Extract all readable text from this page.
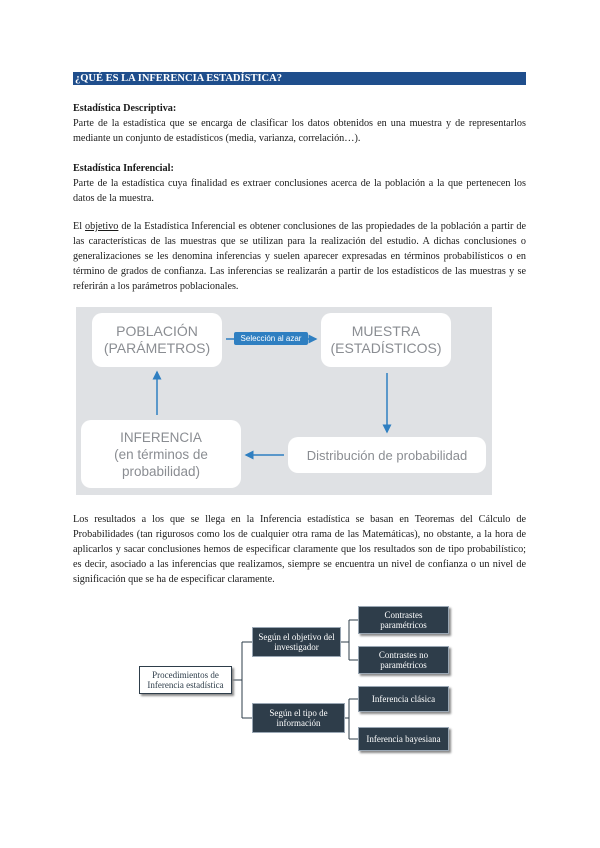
¿QUÉ ES LA INFERENCIA ESTADÍSTICA?
Estadística Descriptiva:
Parte de la estadística que se encarga de clasificar los datos obtenidos en una muestra y de representarlos mediante un conjunto de estadísticos (media, varianza, correlación…).
Estadística Inferencial:
Parte de la estadística cuya finalidad es extraer conclusiones acerca de la población a la que pertenecen los datos de la muestra.
El objetivo de la Estadística Inferencial es obtener conclusiones de las propiedades de la población a partir de las características de las muestras que se utilizan para la realización del estudio. A dichas conclusiones o generalizaciones se les denomina inferencias y suelen aparecer expresadas en términos probabilísticos o en término de grados de confianza. Las inferencias se realizarán a partir de los estadísticos de las muestras y se referirán a los parámetros poblacionales.
POBLACIÓN
(PARÁMETROS)
MUESTRA
(ESTADÍSTICOS)
INFERENCIA
(en términos de
probabilidad)
Distribución de probabilidad
Selección al azar
Los resultados a los que se llega en la Inferencia estadística se basan en Teoremas del Cálculo de Probabilidades (tan rigurosos como los de cualquier otra rama de las Matemáticas), no obstante, a la hora de aplicarlos y sacar conclusiones hemos de especificar claramente que los resultados son de tipo probabilístico; es decir, asociado a las inferencias que realizamos, siempre se encuentra un nivel de confianza o un nivel de significación que se ha de especificar claramente.
Procedimientos de
Inferencia estadística
Según el objetivo del
investigador
Según el tipo de
información
Contrastes
paramétricos
Contrastes no
paramétricos
Inferencia clásica
Inferencia bayesiana
